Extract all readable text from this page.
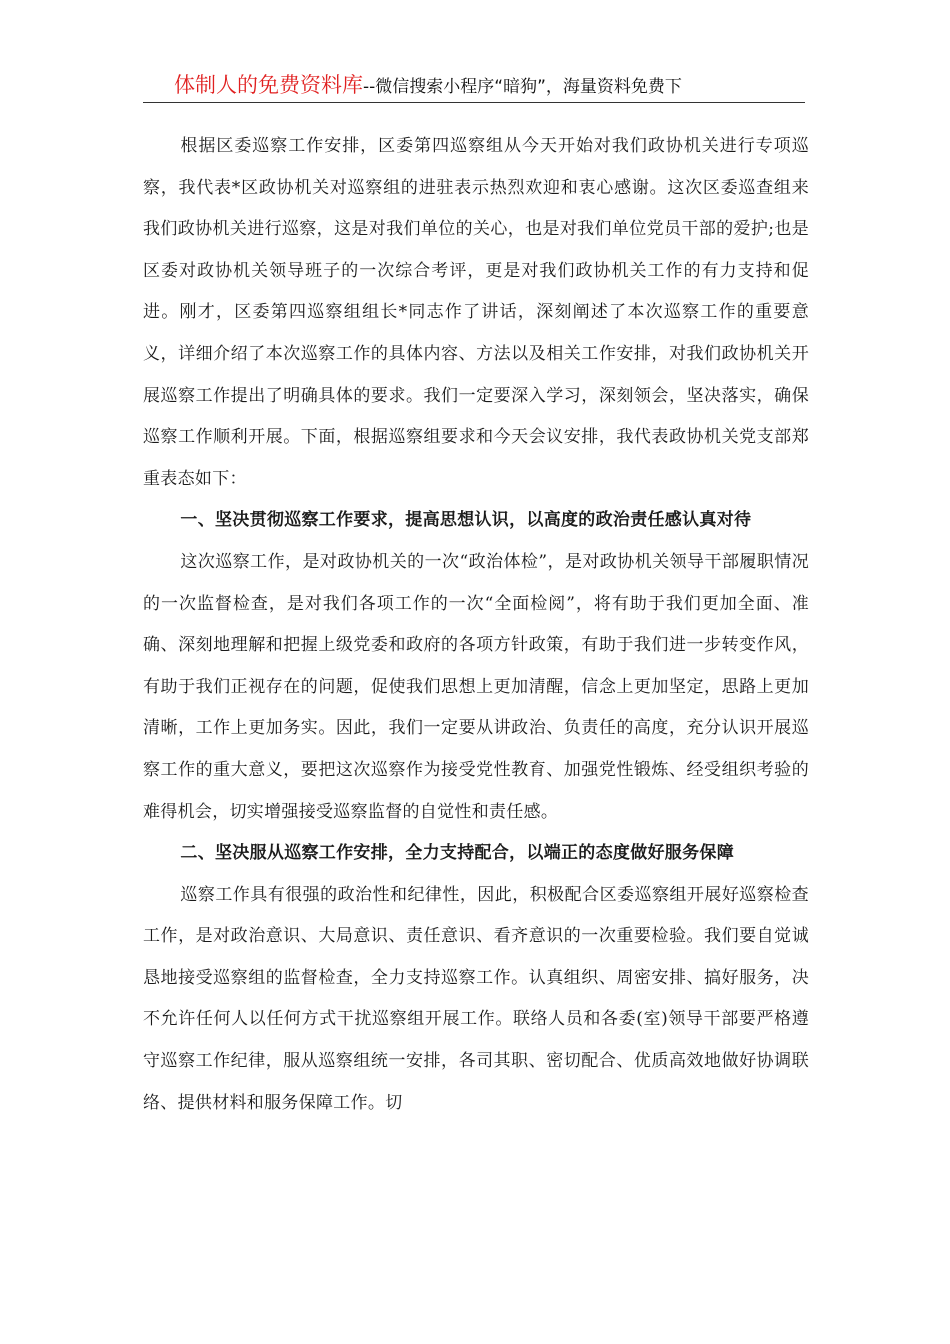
体制人的免费资料库--微信搜索小程序“暗狗”，海量资料免费下

根据区委巡察工作安排，区委第四巡察组从今天开始对我们政协机关进行专项巡察，我代表*区政协机关对巡察组的进驻表示热烈欢迎和衷心感谢。这次区委巡查组来我们政协机关进行巡察，这是对我们单位的关心，也是对我们单位党员干部的爱护;也是区委对政协机关领导班子的一次综合考评，更是对我们政协机关工作的有力支持和促进。刚才，区委第四巡察组组长*同志作了讲话，深刻阐述了本次巡察工作的重要意义，详细介绍了本次巡察工作的具体内容、方法以及相关工作安排，对我们政协机关开展巡察工作提出了明确具体的要求。我们一定要深入学习，深刻领会，坚决落实，确保巡察工作顺利开展。下面，根据巡察组要求和今天会议安排，我代表政协机关党支部郑重表态如下：

一、坚决贯彻巡察工作要求，提高思想认识，以高度的政治责任感认真对待

这次巡察工作，是对政协机关的一次“政治体检”，是对政协机关领导干部履职情况的一次监督检查，是对我们各项工作的一次“全面检阅”，将有助于我们更加全面、准确、深刻地理解和把握上级党委和政府的各项方针政策，有助于我们进一步转变作风，有助于我们正视存在的问题，促使我们思想上更加清醒，信念上更加坚定，思路上更加清晰，工作上更加务实。因此，我们一定要从讲政治、负责任的高度，充分认识开展巡察工作的重大意义，要把这次巡察作为接受党性教育、加强党性锻炼、经受组织考验的难得机会，切实增强接受巡察监督的自觉性和责任感。

二、坚决服从巡察工作安排，全力支持配合，以端正的态度做好服务保障

巡察工作具有很强的政治性和纪律性，因此，积极配合区委巡察组开展好巡察检查工作，是对政治意识、大局意识、责任意识、看齐意识的一次重要检验。我们要自觉诚恳地接受巡察组的监督检查，全力支持巡察工作。认真组织、周密安排、搞好服务，决不允许任何人以任何方式干扰巡察组开展工作。联络人员和各委(室)领导干部要严格遵守巡察工作纪律，服从巡察组统一安排，各司其职、密切配合、优质高效地做好协调联络、提供材料和服务保障工作。切
